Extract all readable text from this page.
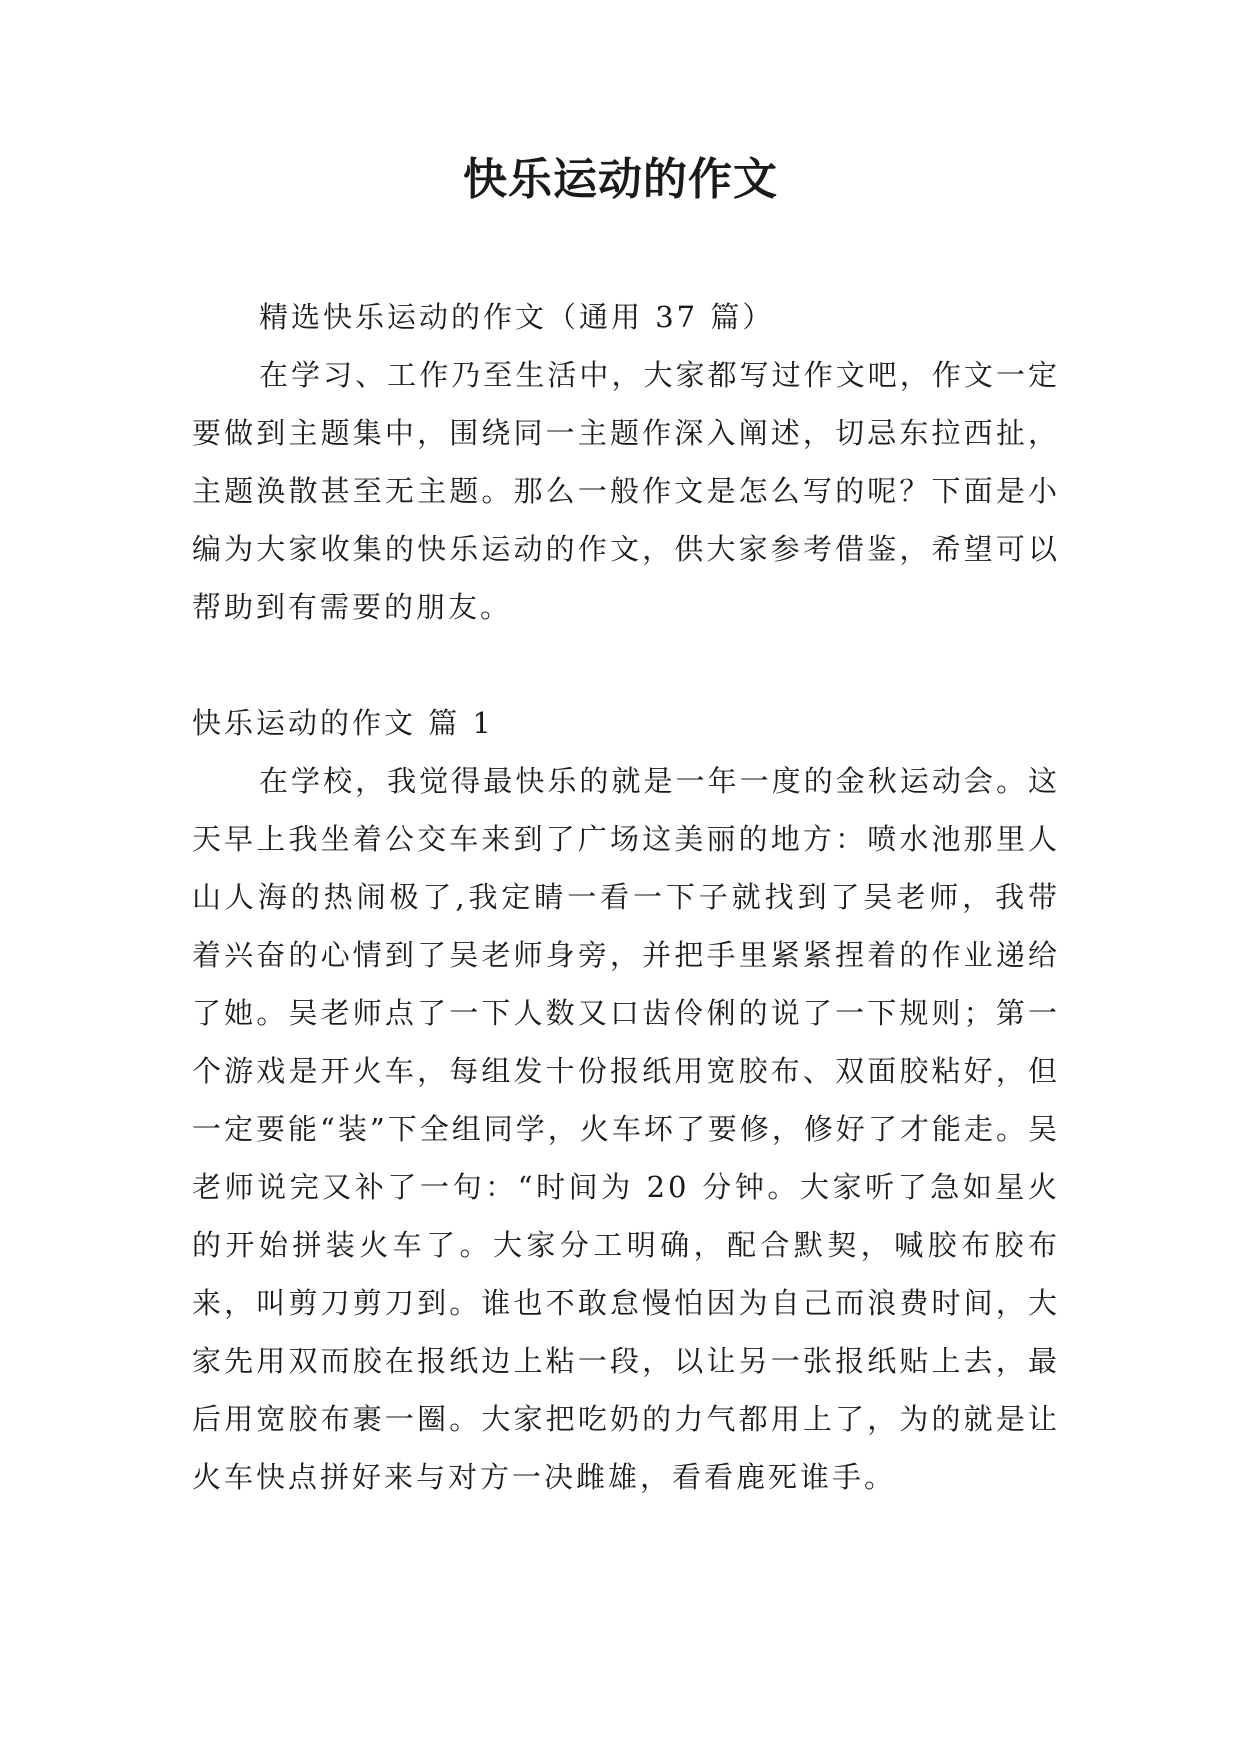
快乐运动的作文

精选快乐运动的作文（通用 37 篇）

在学习、工作乃至生活中，大家都写过作文吧，作文一定要做到主题集中，围绕同一主题作深入阐述，切忌东拉西扯，主题涣散甚至无主题。那么一般作文是怎么写的呢？下面是小编为大家收集的快乐运动的作文，供大家参考借鉴，希望可以帮助到有需要的朋友。

快乐运动的作文 篇 1

在学校，我觉得最快乐的就是一年一度的金秋运动会。这天早上我坐着公交车来到了广场这美丽的地方：喷水池那里人山人海的热闹极了,我定睛一看一下子就找到了吴老师，我带着兴奋的心情到了吴老师身旁，并把手里紧紧捏着的作业递给了她。吴老师点了一下人数又口齿伶俐的说了一下规则；第一个游戏是开火车，每组发十份报纸用宽胶布、双面胶粘好，但一定要能“装”下全组同学，火车坏了要修，修好了才能走。吴老师说完又补了一句：“时间为 20 分钟。大家听了急如星火的开始拼装火车了。大家分工明确，配合默契，喊胶布胶布来，叫剪刀剪刀到。谁也不敢怠慢怕因为自己而浪费时间，大家先用双而胶在报纸边上粘一段，以让另一张报纸贴上去，最后用宽胶布裹一圈。大家把吃奶的力气都用上了，为的就是让火车快点拼好来与对方一决雌雄，看看鹿死谁手。
